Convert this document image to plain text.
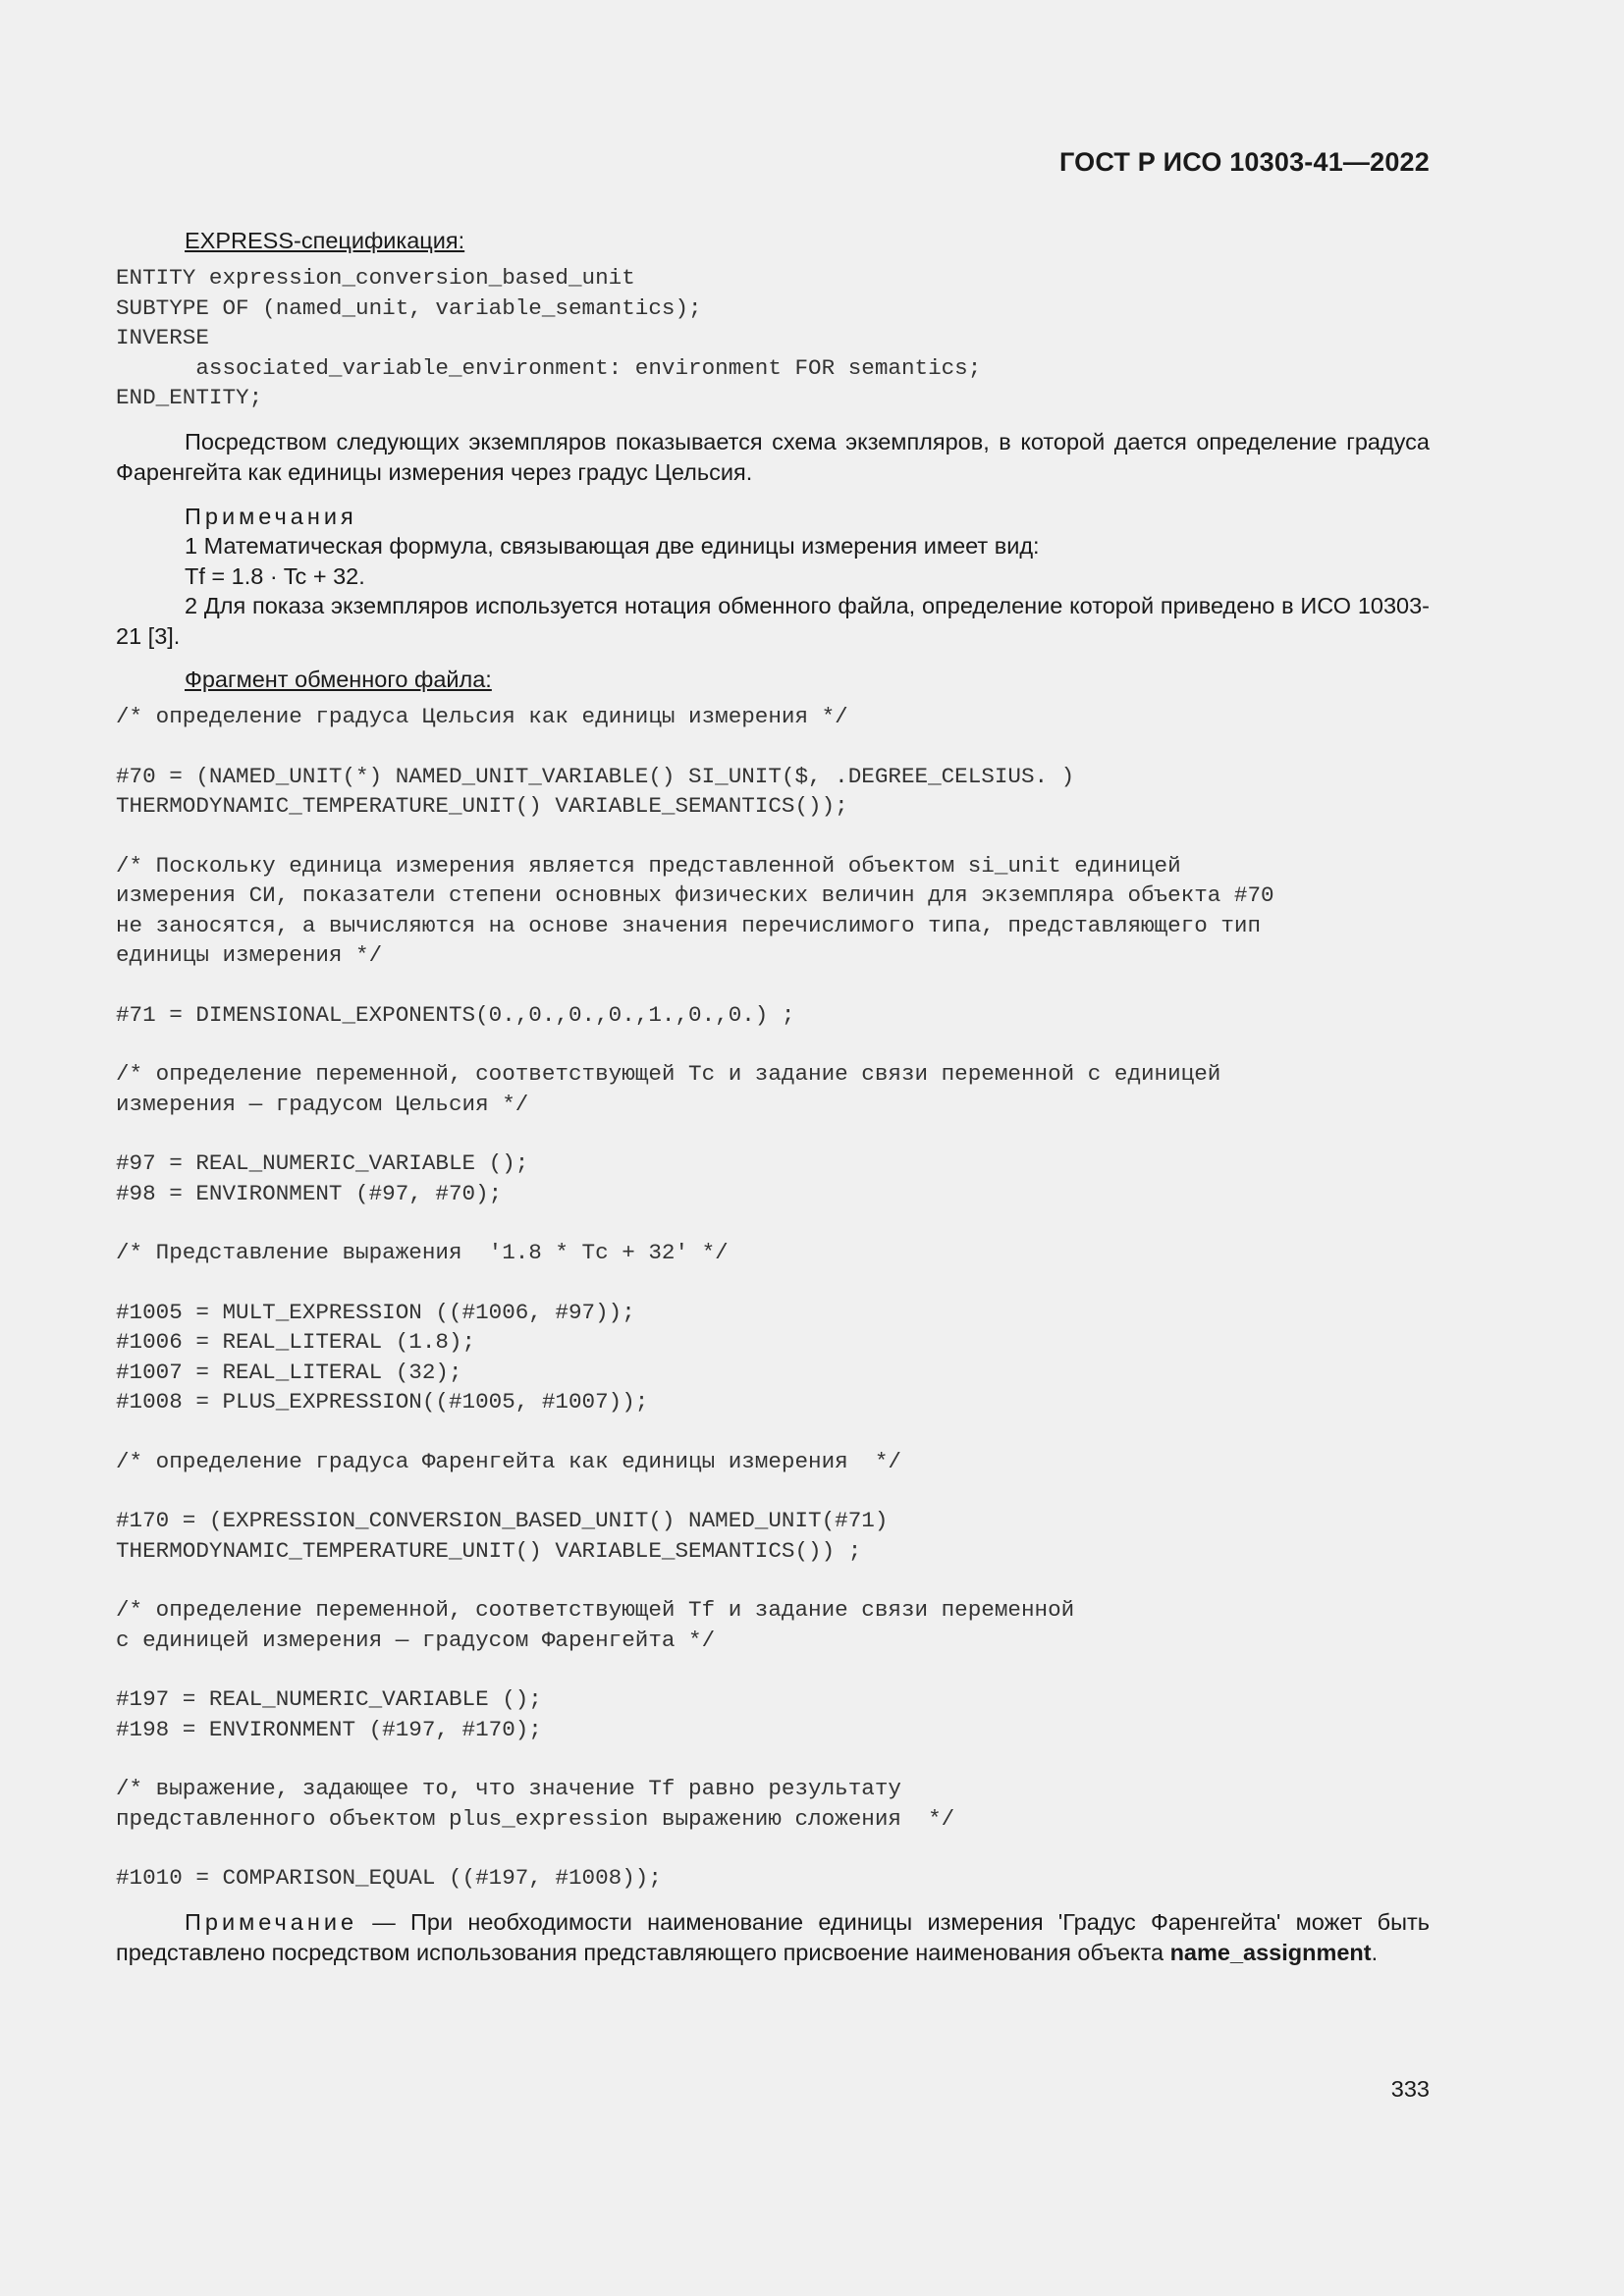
ГОСТ Р ИСО 10303-41—2022
EXPRESS-спецификация:
ENTITY expression_conversion_based_unit
SUBTYPE OF (named_unit, variable_semantics);
INVERSE
associated_variable_environment: environment FOR semantics;
END_ENTITY;

Посредством следующих экземпляров показывается схема экземпляров, в которой дается определение градуса Фаренгейта как единицы измерения через градус Цельсия.

Примечания
1 Математическая формула, связывающая две единицы измерения имеет вид:
Tf = 1.8 · Tc + 32.
2 Для показа экземпляров используется нотация обменного файла, определение которой приведено в ИСО 10303-21 [3].
Фрагмент обменного файла:
/* определение градуса Цельсия как единицы измерения */
#70 = (NAMED_UNIT(*) NAMED_UNIT_VARIABLE() SI_UNIT($, .DEGREE_CELSIUS. )
THERMODYNAMIC_TEMPERATURE_UNIT() VARIABLE_SEMANTICS());
/* Поскольку единица измерения является представленной объектом si_unit единицей
измерения СИ, показатели степени основных физических величин для экземпляра объекта #70
не заносятся, а вычисляются на основе значения перечислимого типа, представляющего тип
единицы измерения */
#71 = DIMENSIONAL_EXPONENTS(0.,0.,0.,0.,1.,0.,0.) ;
/* определение переменной, соответствующей Tc и задание связи переменной с единицей
измерения — градусом Цельсия */
#97 = REAL_NUMERIC_VARIABLE ();
#98 = ENVIRONMENT (#97, #70);
/* Представление выражения  '1.8 * Tc + 32' */
#1005 = MULT_EXPRESSION ((#1006, #97));
#1006 = REAL_LITERAL (1.8);
#1007 = REAL_LITERAL (32);
#1008 = PLUS_EXPRESSION((#1005, #1007));
/* определение градуса Фаренгейта как единицы измерения  */
#170 = (EXPRESSION_CONVERSION_BASED_UNIT() NAMED_UNIT(#71)
THERMODYNAMIC_TEMPERATURE_UNIT() VARIABLE_SEMANTICS()) ;
/* определение переменной, соответствующей Tf и задание связи переменной
с единицей измерения — градусом Фаренгейта */
#197 = REAL_NUMERIC_VARIABLE ();
#198 = ENVIRONMENT (#197, #170);
/* выражение, задающее то, что значение Tf равно результату
представленного объектом plus_expression выражению сложения  */
#1010 = COMPARISON_EQUAL ((#197, #1008));

Примечание — При необходимости наименование единицы измерения 'Градус Фаренгейта' может быть представлено посредством использования представляющего присвоение наименования объекта name_assignment.

333
